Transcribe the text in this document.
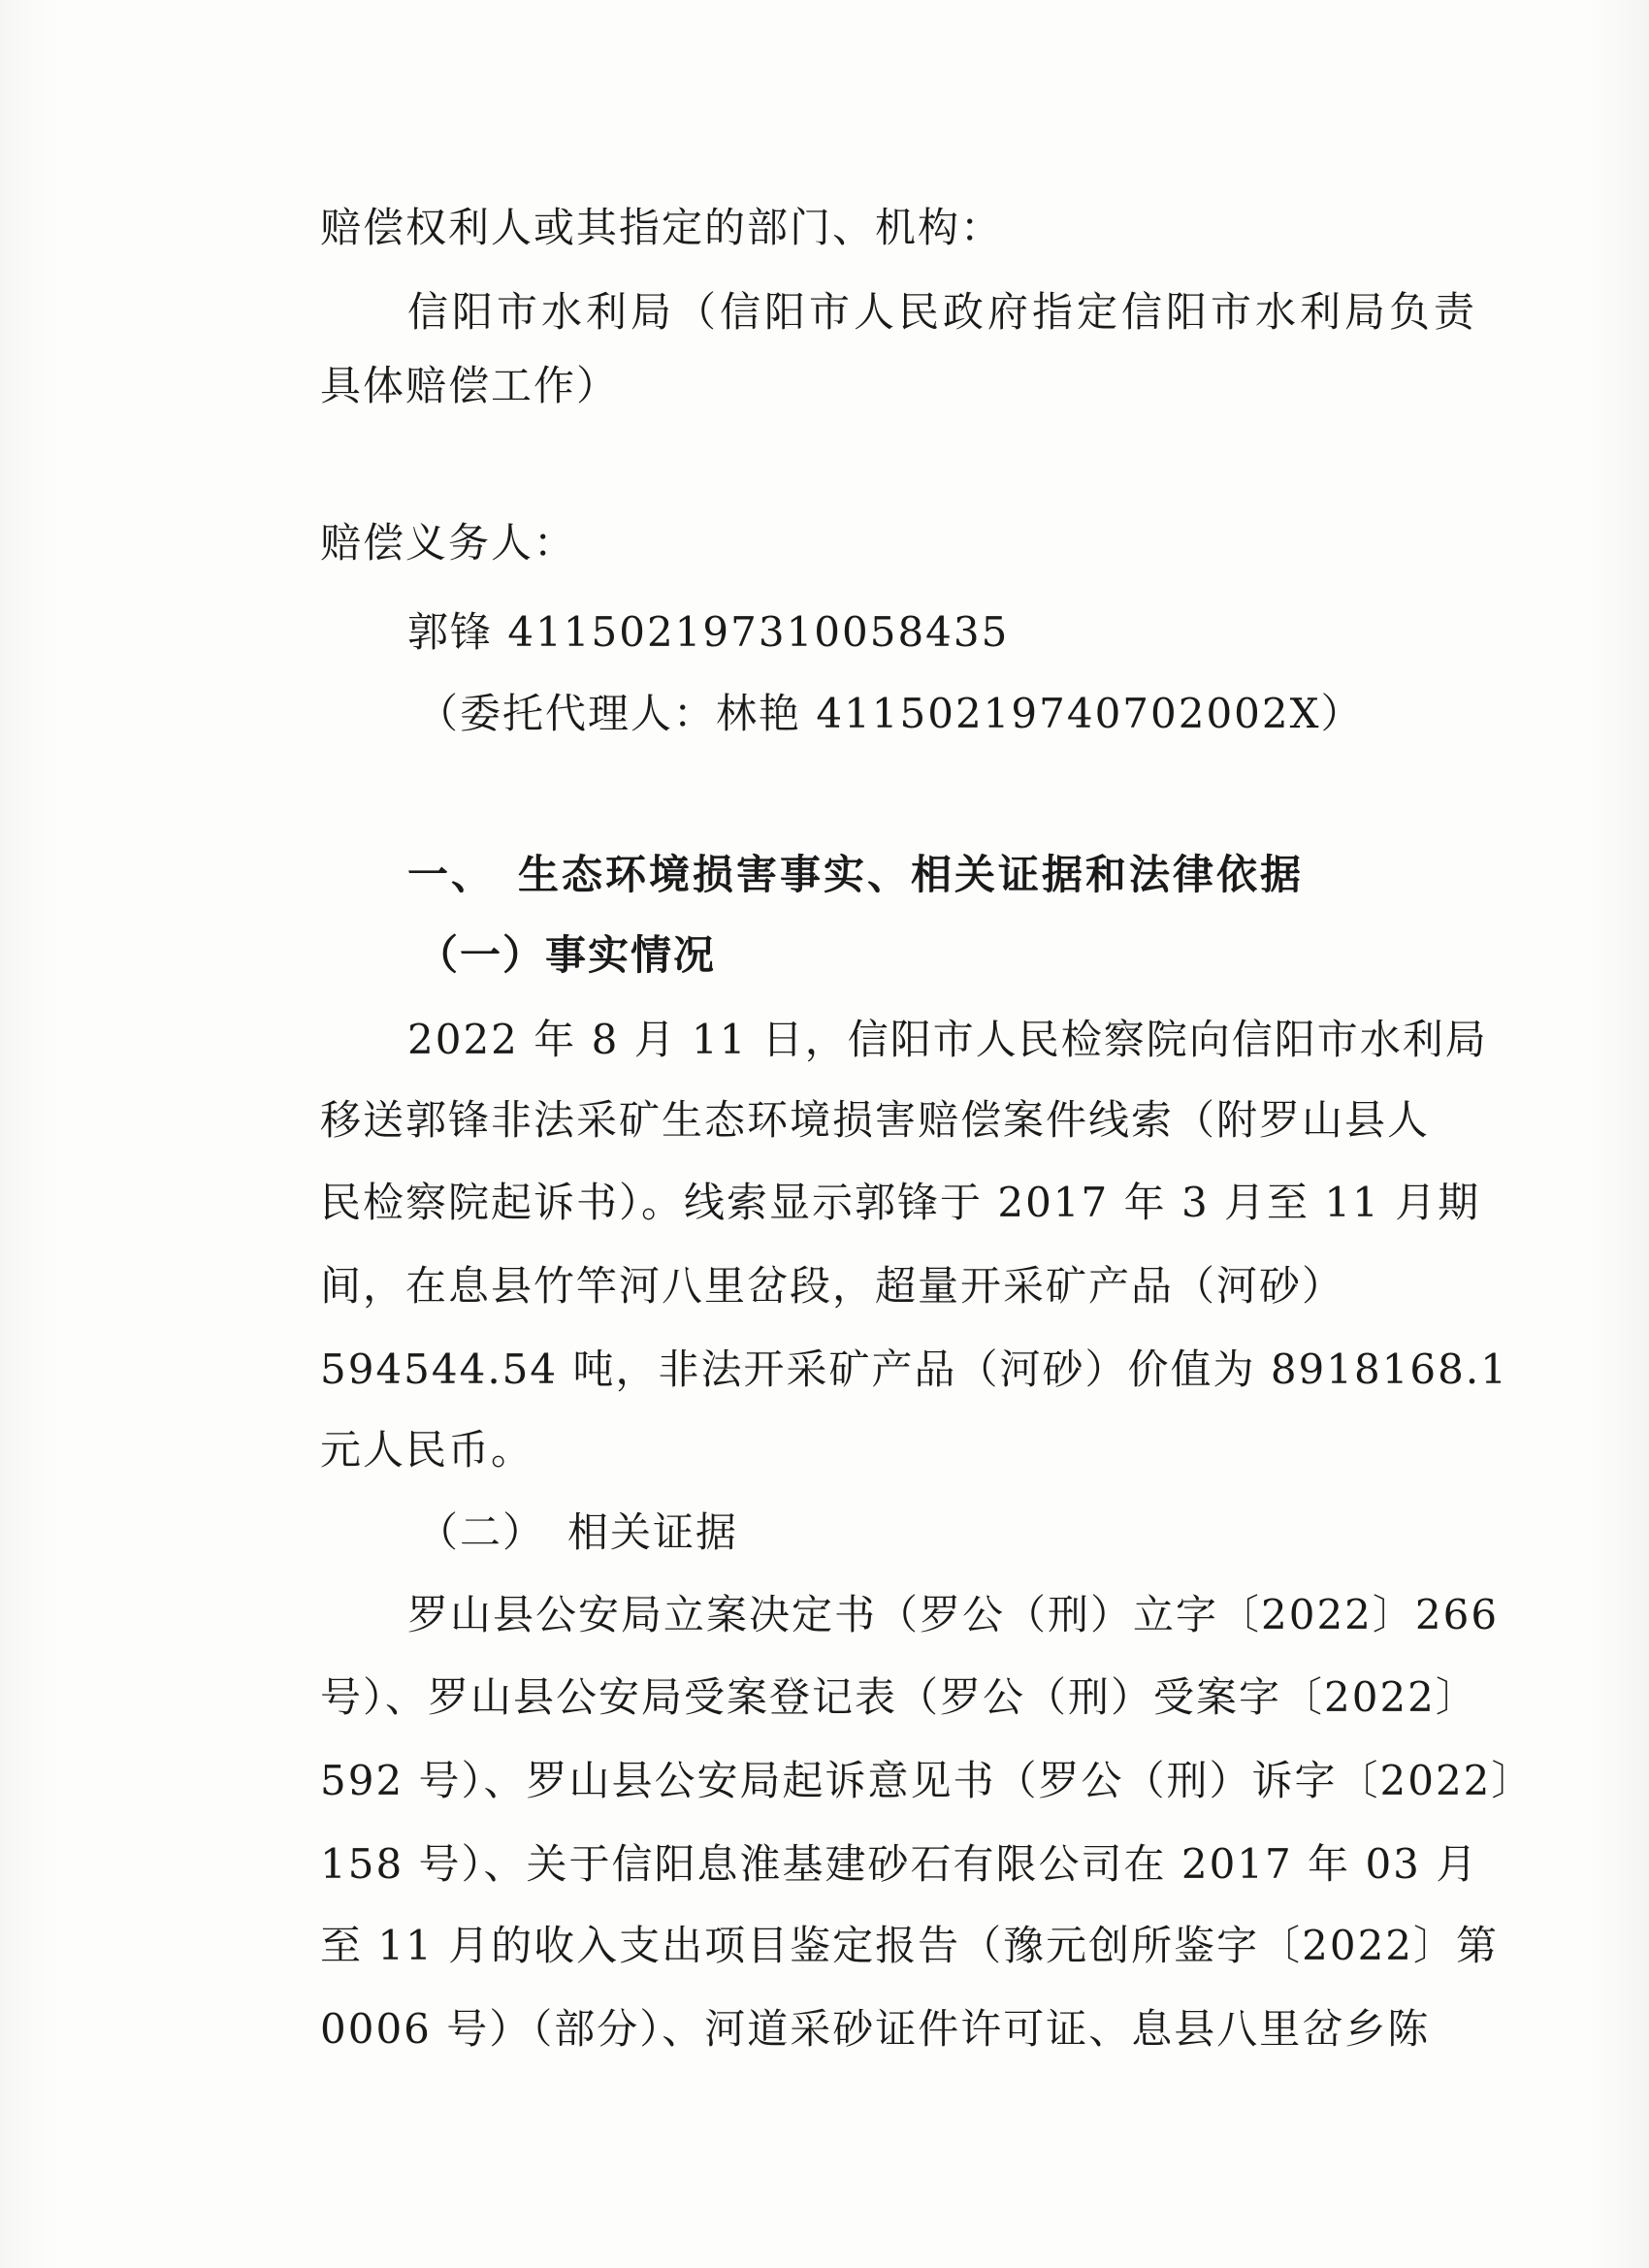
赔偿权利人或其指定的部门、机构：
信阳市水利局（信阳市人民政府指定信阳市水利局负责
具体赔偿工作）
赔偿义务人：
郭锋 411502197310058435
（委托代理人：林艳 41150219740702002X）
一、　生态环境损害事实、相关证据和法律依据
（一）事实情况
2022 年 8 月 11 日，信阳市人民检察院向信阳市水利局
移送郭锋非法采矿生态环境损害赔偿案件线索（附罗山县人
民检察院起诉书）。线索显示郭锋于 2017 年 3 月至 11 月期
间，在息县竹竿河八里岔段，超量开采矿产品（河砂）
594544.54 吨，非法开采矿产品（河砂）价值为 8918168.1
元人民币。
（二）　相关证据
罗山县公安局立案决定书（罗公（刑）立字〔2022〕266
号）、罗山县公安局受案登记表（罗公（刑）受案字〔2022〕
592 号）、罗山县公安局起诉意见书（罗公（刑）诉字〔2022〕
158 号）、关于信阳息淮基建砂石有限公司在 2017 年 03 月
至 11 月的收入支出项目鉴定报告（豫元创所鉴字〔2022〕第
0006 号）（部分）、河道采砂证件许可证、息县八里岔乡陈
